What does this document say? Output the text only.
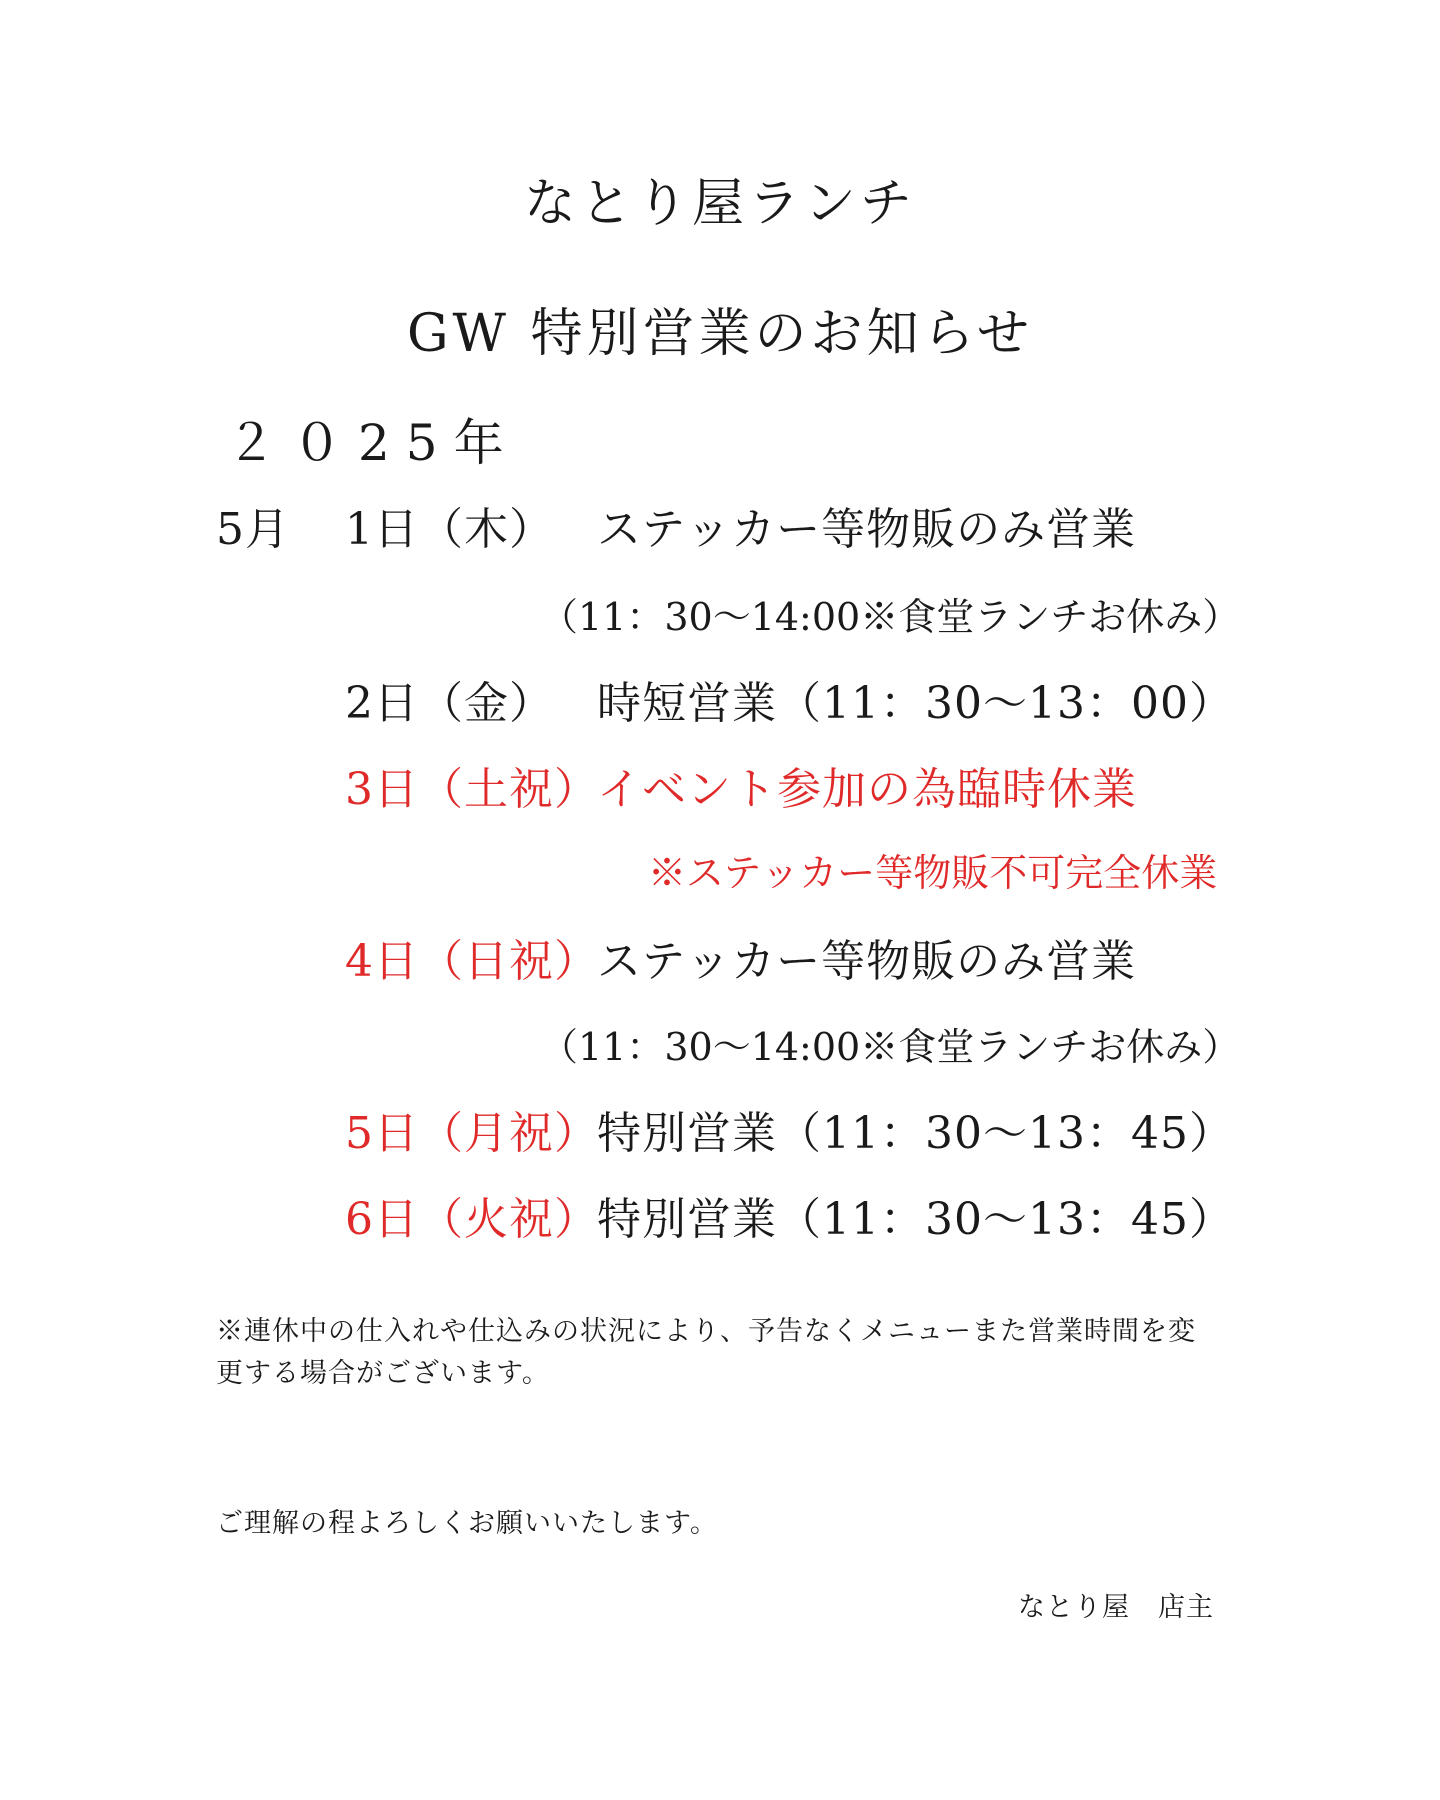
なとり屋ランチ
GW 特別営業のお知らせ
２０25年
5月 1日（木） ステッカー等物販のみ営業
（11：30〜14:00※食堂ランチお休み）
2日（金） 時短営業（11：30〜13：00）
3日（土祝）
イベント参加の為臨時休業
※ステッカー等物販不可完全休業
4日（日祝）
ステッカー等物販のみ営業
（11：30〜14:00※食堂ランチお休み）
5日（月祝）
特別営業（11：30〜13：45）
6日（火祝）
特別営業（11：30〜13：45）
※連休中の仕入れや仕込みの状況により、予告なくメニューまた営業時間を変
更する場合がございます。
ご理解の程よろしくお願いいたします。
なとり屋　店主
